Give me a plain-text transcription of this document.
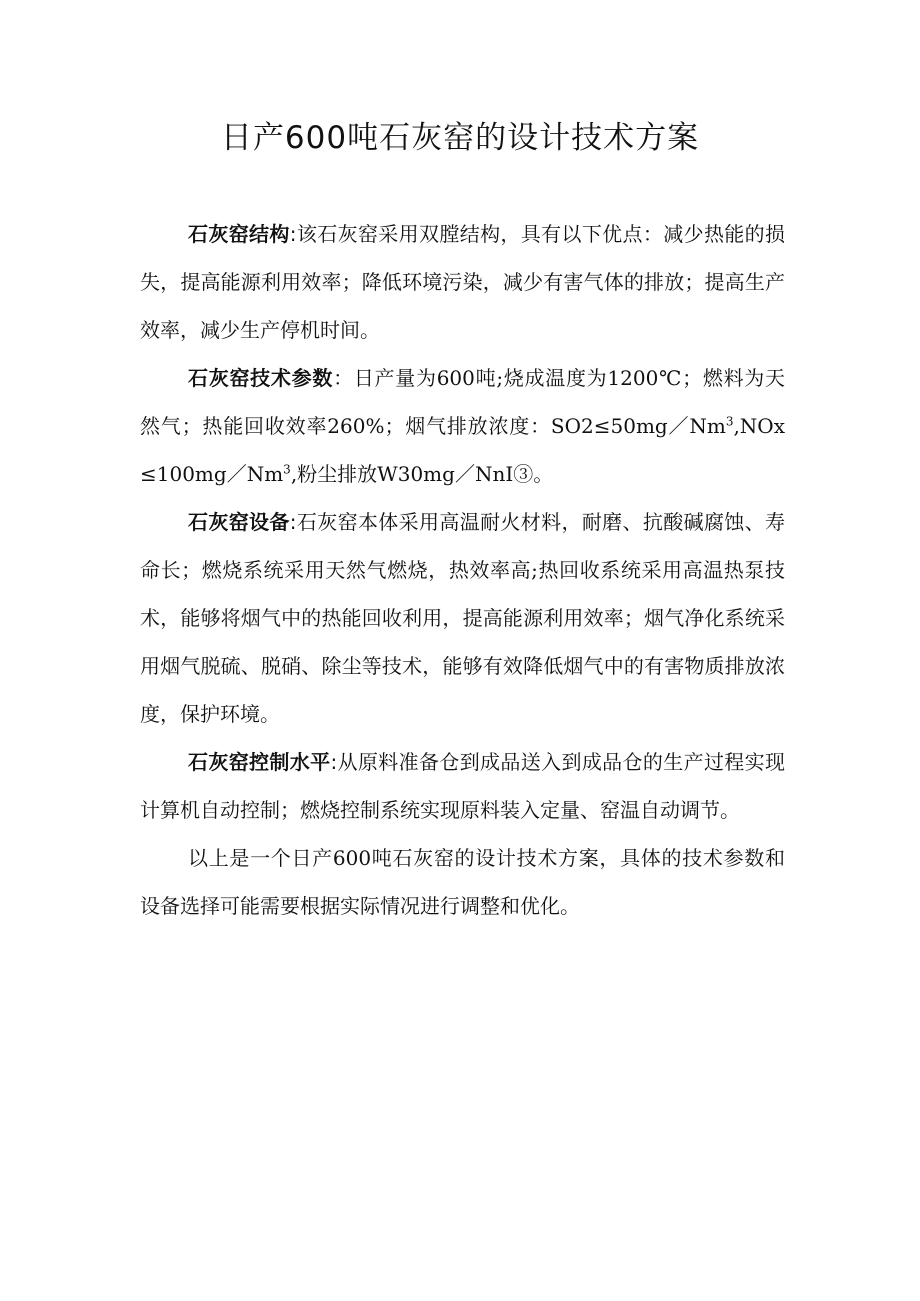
日产600吨石灰窑的设计技术方案

石灰窑结构:该石灰窑采用双膛结构，具有以下优点：减少热能的损失，提高能源利用效率；降低环境污染，减少有害气体的排放；提高生产效率，减少生产停机时间。

石灰窑技术参数：日产量为600吨;烧成温度为1200℃；燃料为天然气；热能回收效率260%；烟气排放浓度：$SO2\le 50mg/Nm^3,NOx\le 100mg/Nm^3$,粉尘排放W30mg／NnI③。

石灰窑设备:石灰窑本体采用高温耐火材料，耐磨、抗酸碱腐蚀、寿命长；燃烧系统采用天然气燃烧，热效率高;热回收系统采用高温热泵技术，能够将烟气中的热能回收利用，提高能源利用效率；烟气净化系统采用烟气脱硫、脱硝、除尘等技术，能够有效降低烟气中的有害物质排放浓度，保护环境。

石灰窑控制水平:从原料准备仓到成品送入到成品仓的生产过程实现计算机自动控制；燃烧控制系统实现原料装入定量、窑温自动调节。

以上是一个日产600吨石灰窑的设计技术方案，具体的技术参数和设备选择可能需要根据实际情况进行调整和优化。
